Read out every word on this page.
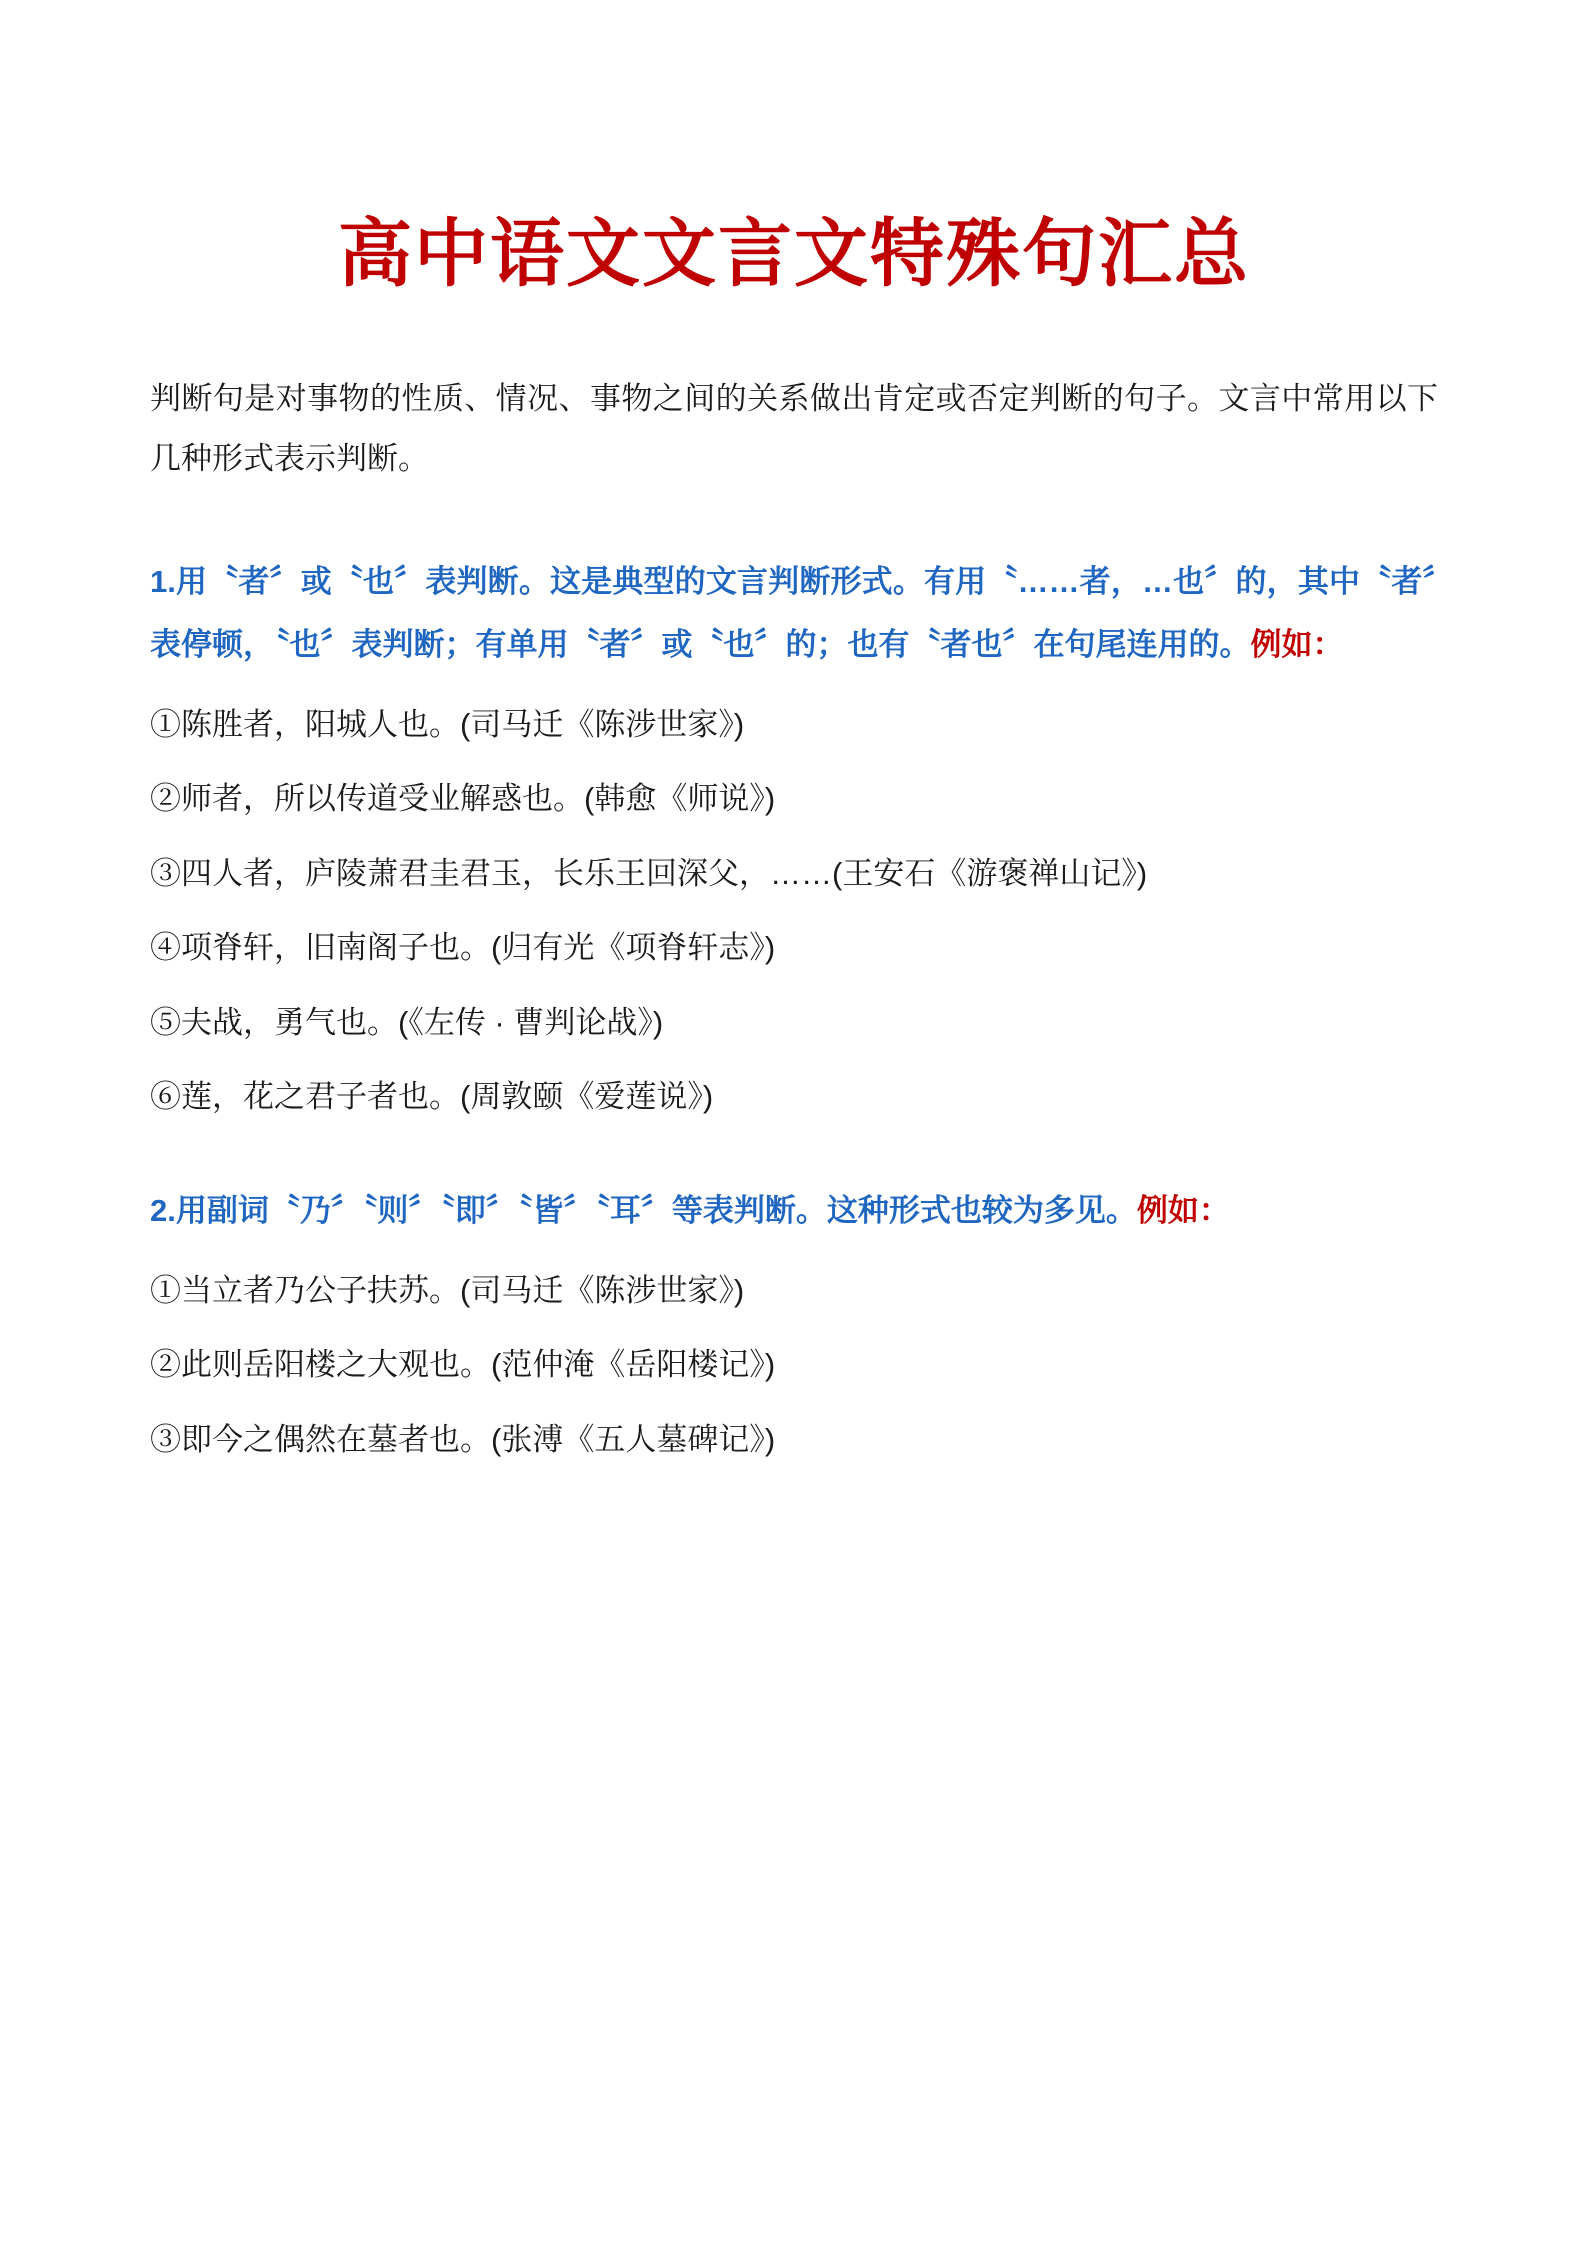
高中语文文言文特殊句汇总

判断句是对事物的性质、情况、事物之间的关系做出肯定或否定判断的句子。文言中常用以下几种形式表示判断。

1.用〝者〞或〝也〞表判断。这是典型的文言判断形式。有用〝……者，…也〞的，其中〝者〞表停顿，〝也〞表判断；有单用〝者〞或〝也〞的；也有〝者也〞在句尾连用的。例如：

①陈胜者，阳城人也。(司马迁《陈涉世家》)

②师者，所以传道受业解惑也。(韩愈《师说》)

③四人者，庐陵萧君圭君玉，长乐王回深父，……(王安石《游褒禅山记》)

④项脊轩，旧南阁子也。(归有光《项脊轩志》)

⑤夫战，勇气也。(《左传 · 曹判论战》)

⑥莲，花之君子者也。(周敦颐《爱莲说》)

2.用副词〝乃〞〝则〞〝即〞〝皆〞〝耳〞等表判断。这种形式也较为多见。例如：

①当立者乃公子扶苏。(司马迁《陈涉世家》)

②此则岳阳楼之大观也。(范仲淹《岳阳楼记》)

③即今之偶然在墓者也。(张溥《五人墓碑记》)
